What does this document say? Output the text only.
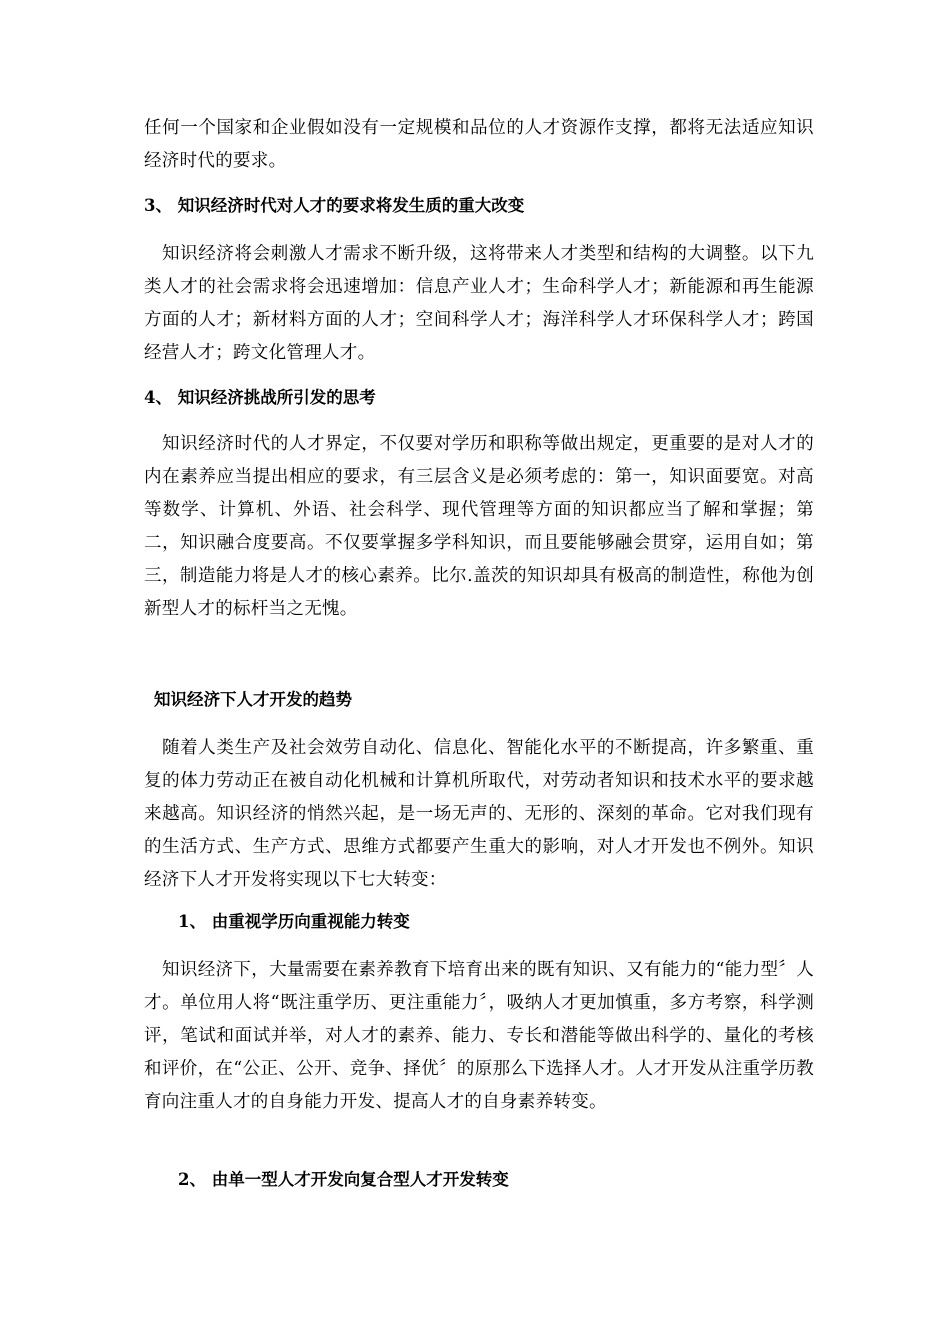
任何一个国家和企业假如没有一定规模和品位的人才资源作支撑，都将无法适应知识经济时代的要求。
3、 知识经济时代对人才的要求将发生质的重大改变
知识经济将会刺激人才需求不断升级，这将带来人才类型和结构的大调整。以下九类人才的社会需求将会迅速增加：信息产业人才；生命科学人才；新能源和再生能源方面的人才；新材料方面的人才；空间科学人才；海洋科学人才环保科学人才；跨国经营人才；跨文化管理人才。
4、 知识经济挑战所引发的思考
知识经济时代的人才界定，不仅要对学历和职称等做出规定，更重要的是对人才的内在素养应当提出相应的要求，有三层含义是必须考虑的：第一，知识面要宽。对高等数学、计算机、外语、社会科学、现代管理等方面的知识都应当了解和掌握；第二，知识融合度要高。不仅要掌握多学科知识，而且要能够融会贯穿，运用自如；第三，制造能力将是人才的核心素养。比尔.盖茨的知识却具有极高的制造性，称他为创新型人才的标杆当之无愧。
知识经济下人才开发的趋势
随着人类生产及社会效劳自动化、信息化、智能化水平的不断提高，许多繁重、重复的体力劳动正在被自动化机械和计算机所取代，对劳动者知识和技术水平的要求越来越高。知识经济的悄然兴起，是一场无声的、无形的、深刻的革命。它对我们现有的生活方式、生产方式、思维方式都要产生重大的影响，对人才开发也不例外。知识经济下人才开发将实现以下七大转变：
1、 由重视学历向重视能力转变
知识经济下，大量需要在素养教育下培育出来的既有知识、又有能力的“能力型〞人才。单位用人将“既注重学历、更注重能力〞，吸纳人才更加慎重，多方考察，科学测评，笔试和面试并举，对人才的素养、能力、专长和潜能等做出科学的、量化的考核和评价，在“公正、公开、竞争、择优〞的原那么下选择人才。人才开发从注重学历教育向注重人才的自身能力开发、提高人才的自身素养转变。
2、 由单一型人才开发向复合型人才开发转变
